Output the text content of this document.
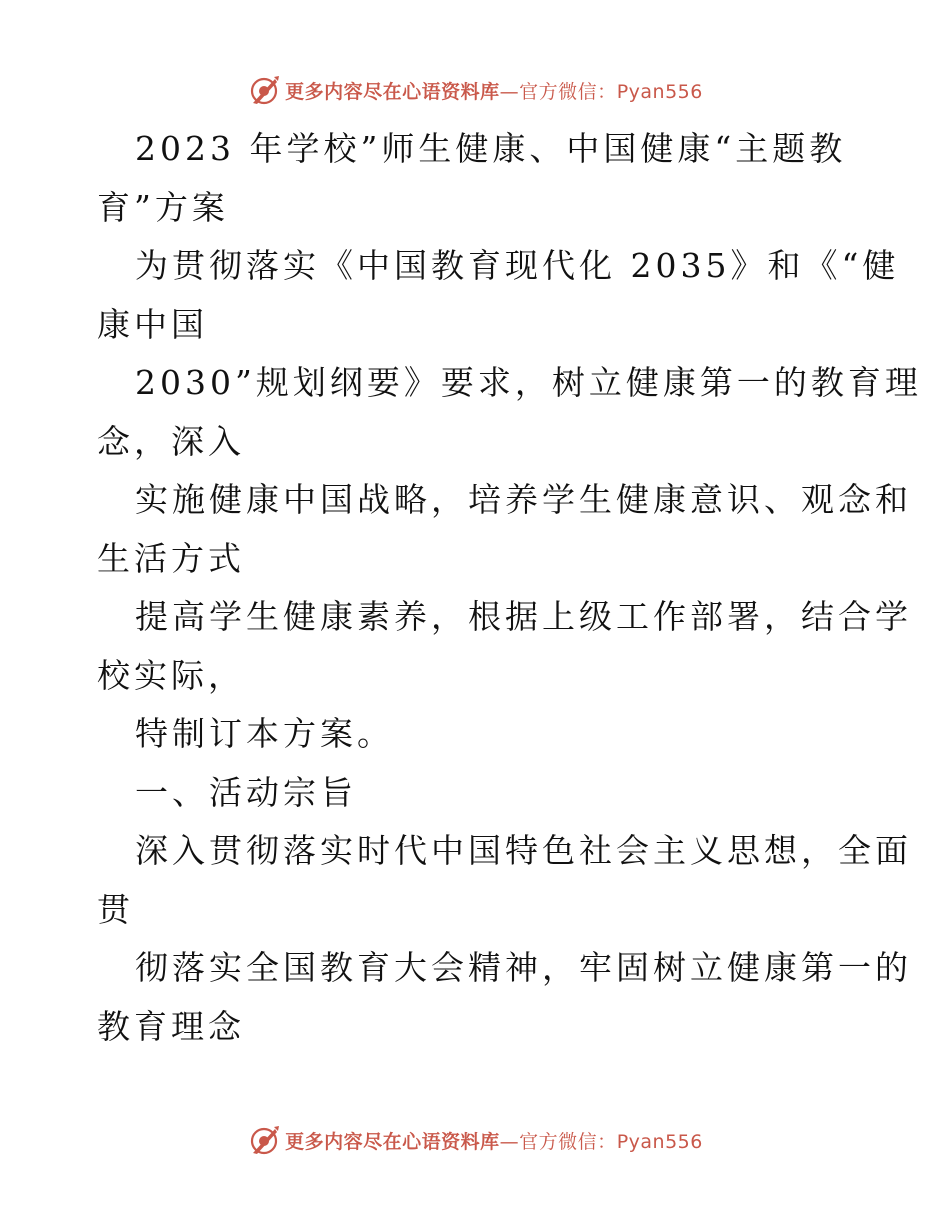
更多内容尽在心语资料库—官方微信：Pyan556
2023 年学校”师生健康、中国健康“主题教
育”方案
为贯彻落实《中国教育现代化 2035》和《“健
康中国
2030”规划纲要》要求，树立健康第一的教育理
念，深入
实施健康中国战略，培养学生健康意识、观念和
生活方式
提高学生健康素养，根据上级工作部署，结合学
校实际，
特制订本方案。
一、活动宗旨
深入贯彻落实时代中国特色社会主义思想，全面
贯
彻落实全国教育大会精神，牢固树立健康第一的
教育理念
更多内容尽在心语资料库—官方微信：Pyan556
